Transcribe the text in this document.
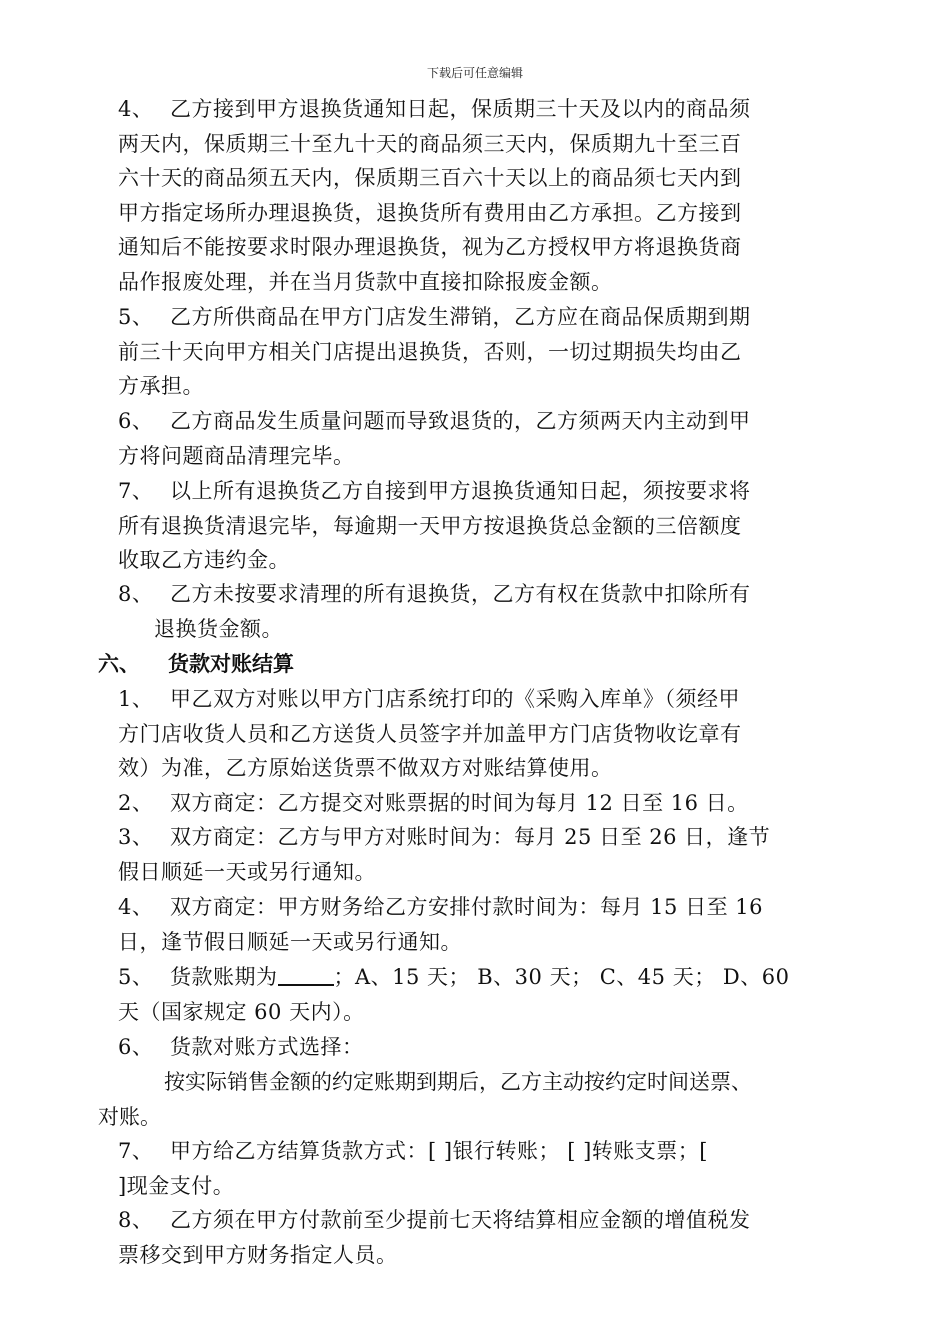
下载后可任意编辑
4、 乙方接到甲方退换货通知日起，保质期三十天及以内的商品须
两天内，保质期三十至九十天的商品须三天内，保质期九十至三百
六十天的商品须五天内，保质期三百六十天以上的商品须七天内到
甲方指定场所办理退换货，退换货所有费用由乙方承担。乙方接到
通知后不能按要求时限办理退换货，视为乙方授权甲方将退换货商
品作报废处理，并在当月货款中直接扣除报废金额。
5、 乙方所供商品在甲方门店发生滞销，乙方应在商品保质期到期
前三十天向甲方相关门店提出退换货，否则，一切过期损失均由乙
方承担。
6、 乙方商品发生质量问题而导致退货的，乙方须两天内主动到甲
方将问题商品清理完毕。
7、 以上所有退换货乙方自接到甲方退换货通知日起，须按要求将
所有退换货清退完毕，每逾期一天甲方按退换货总金额的三倍额度
收取乙方违约金。
8、 乙方未按要求清理的所有退换货，乙方有权在货款中扣除所有
退换货金额。
六、 货款对账结算
1、 甲乙双方对账以甲方门店系统打印的《采购入库单》（须经甲
方门店收货人员和乙方送货人员签字并加盖甲方门店货物收讫章有
效）为准，乙方原始送货票不做双方对账结算使用。
2、 双方商定：乙方提交对账票据的时间为每月 12 日至 16 日。
3、 双方商定：乙方与甲方对账时间为：每月 25 日至 26 日，逢节
假日顺延一天或另行通知。
4、 双方商定：甲方财务给乙方安排付款时间为：每月 15 日至 16
日，逢节假日顺延一天或另行通知。
5、 货款账期为	；A、15 天； B、30 天； C、45 天； D、60
天（国家规定 60 天内）。
6、 货款对账方式选择：
按实际销售金额的约定账期到期后，乙方主动按约定时间送票、
对账。
7、 甲方给乙方结算货款方式：[ ]银行转账； [ ]转账支票；[
]现金支付。
8、 乙方须在甲方付款前至少提前七天将结算相应金额的增值税发
票移交到甲方财务指定人员。
